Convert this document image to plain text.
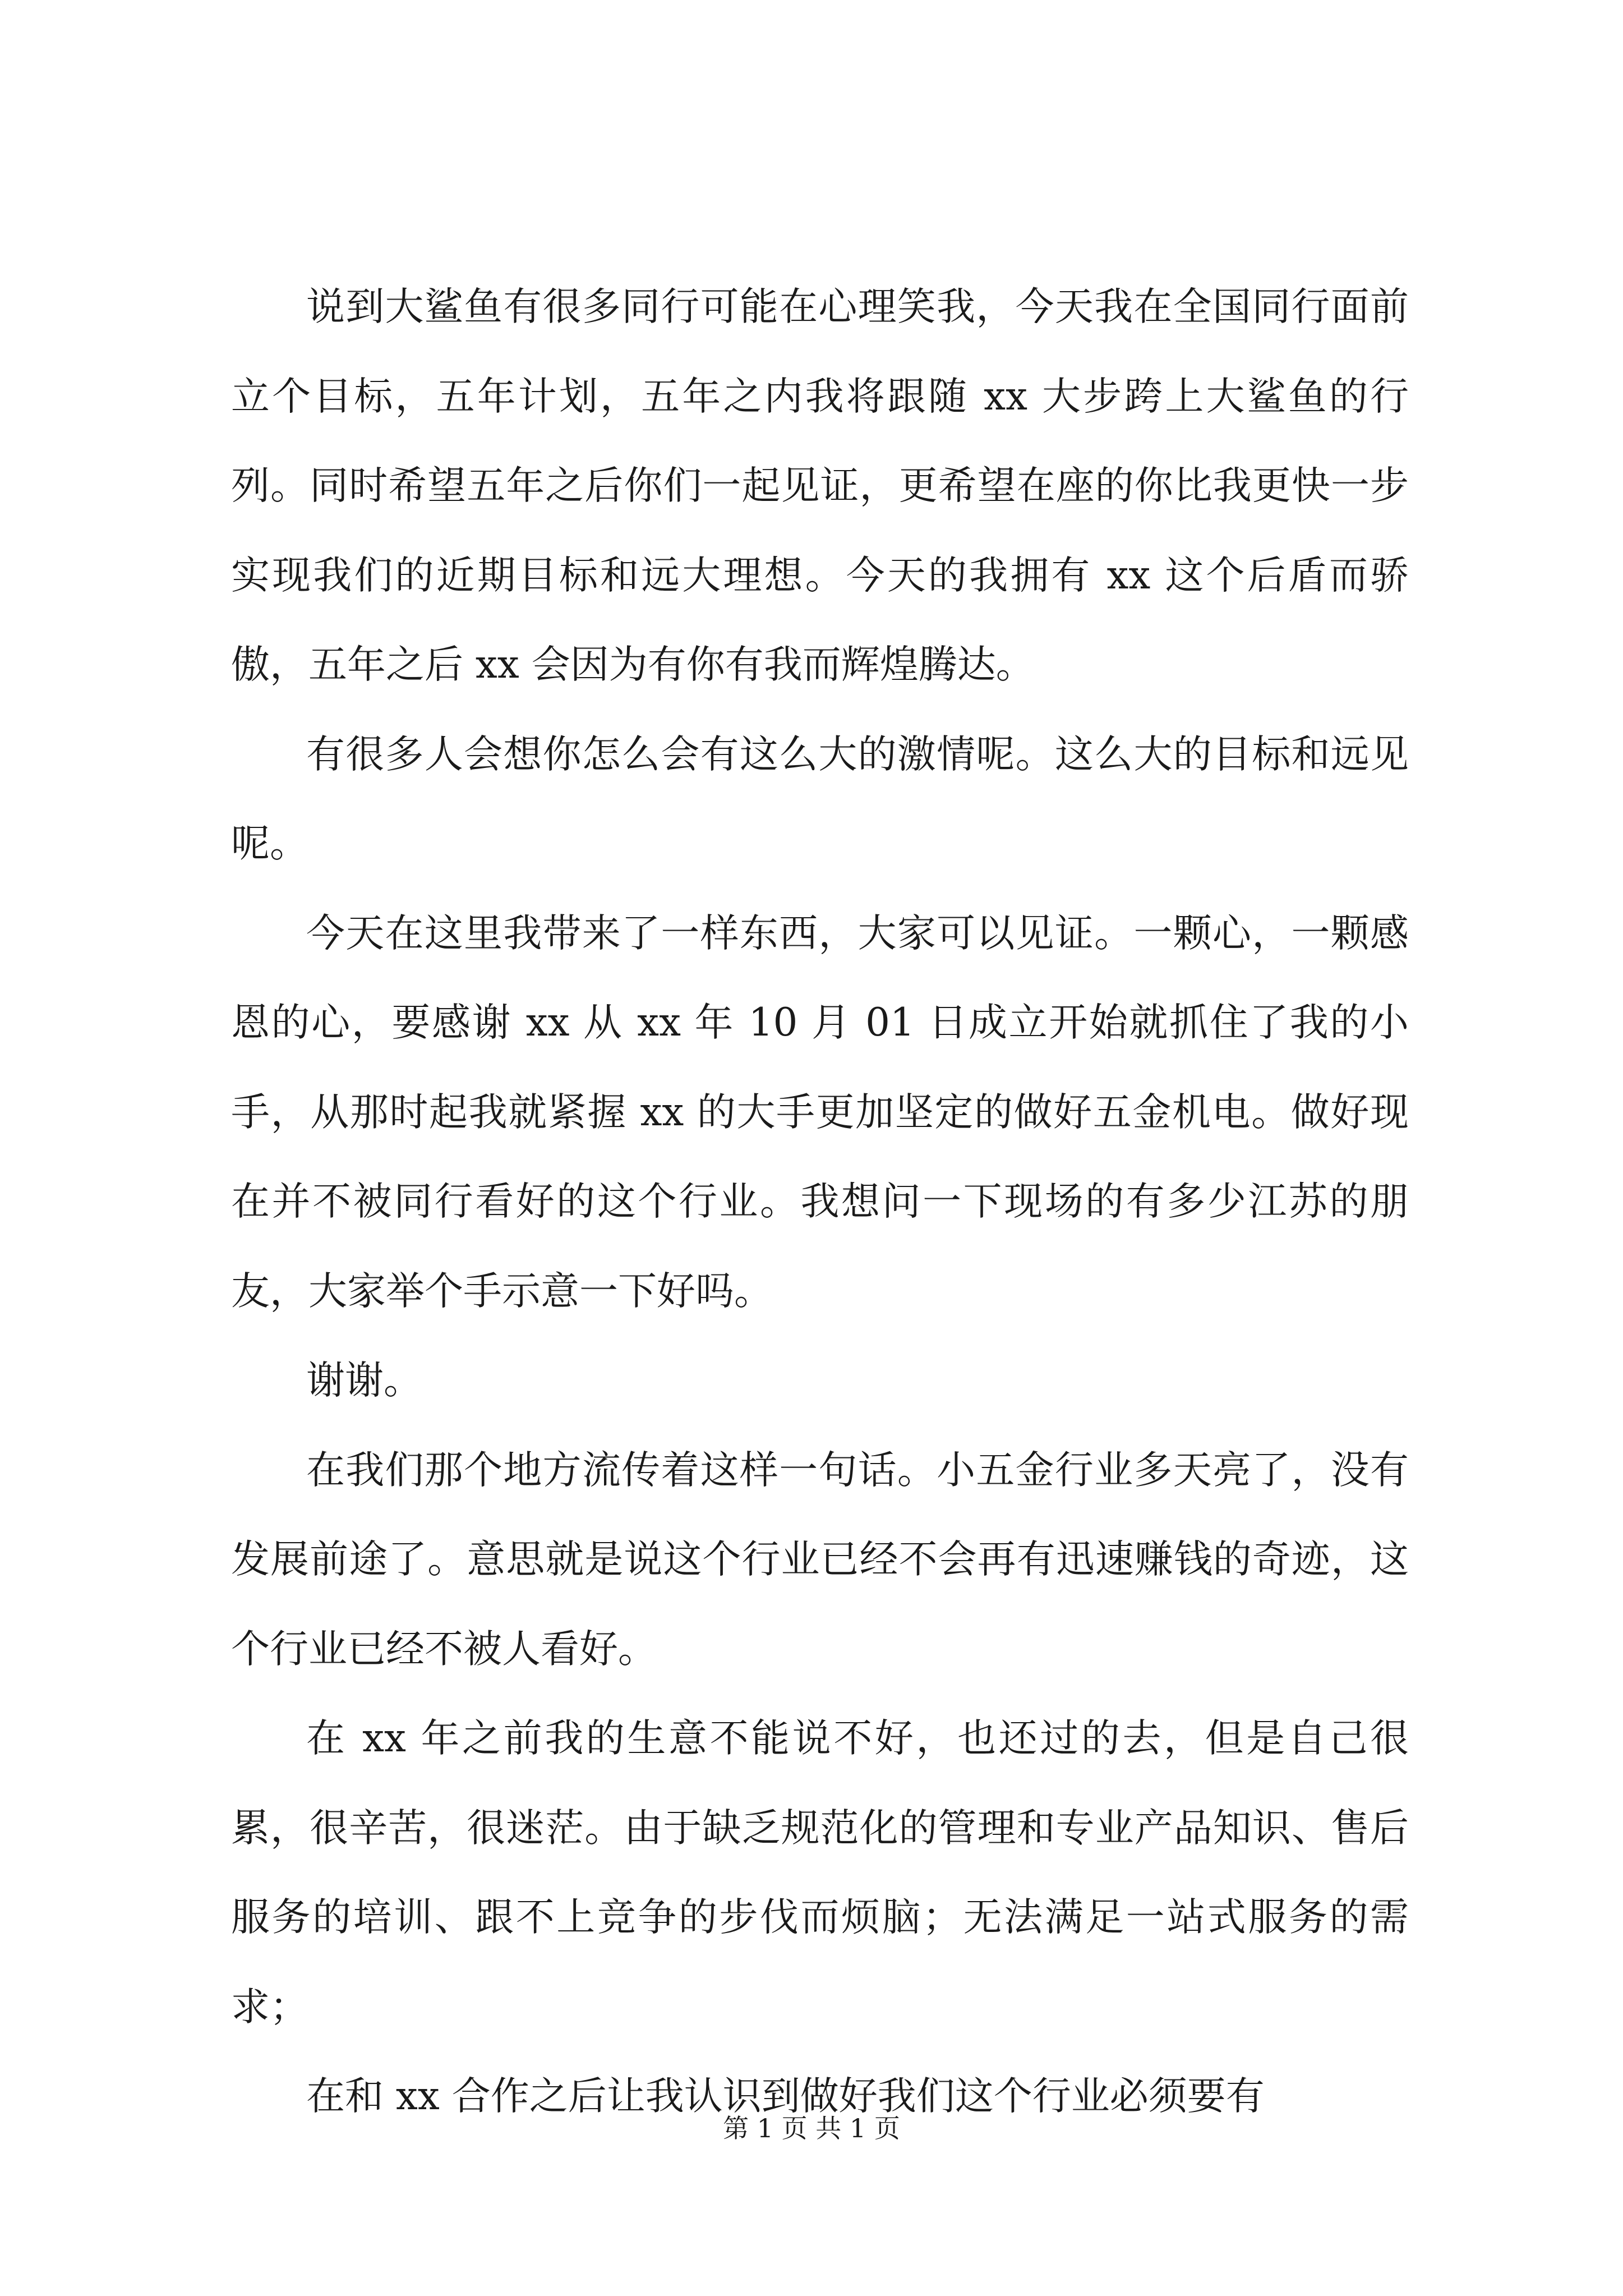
说到大鲨鱼有很多同行可能在心理笑我，今天我在全国同行面前立个目标，五年计划，五年之内我将跟随 xx 大步跨上大鲨鱼的行列。同时希望五年之后你们一起见证，更希望在座的你比我更快一步实现我们的近期目标和远大理想。今天的我拥有 xx 这个后盾而骄傲，五年之后 xx 会因为有你有我而辉煌腾达。

有很多人会想你怎么会有这么大的激情呢。这么大的目标和远见呢。

今天在这里我带来了一样东西，大家可以见证。一颗心，一颗感恩的心，要感谢 xx 从 xx 年 10 月 01 日成立开始就抓住了我的小手，从那时起我就紧握 xx 的大手更加坚定的做好五金机电。做好现在并不被同行看好的这个行业。我想问一下现场的有多少江苏的朋友，大家举个手示意一下好吗。

谢谢。

在我们那个地方流传着这样一句话。小五金行业多天亮了，没有发展前途了。意思就是说这个行业已经不会再有迅速赚钱的奇迹，这个行业已经不被人看好。

在 xx 年之前我的生意不能说不好，也还过的去，但是自己很累，很辛苦，很迷茫。由于缺乏规范化的管理和专业产品知识、售后服务的培训、跟不上竞争的步伐而烦脑；无法满足一站式服务的需求；

在和 xx 合作之后让我认识到做好我们这个行业必须要有

第 1 页 共 1 页
